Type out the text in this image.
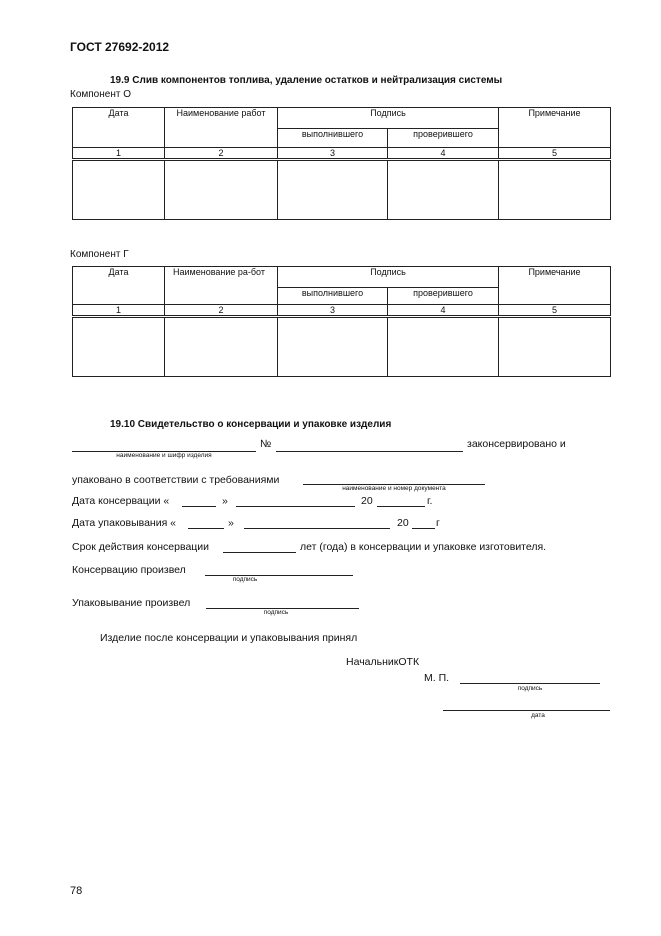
ГОСТ 27692-2012
19.9 Слив компонентов топлива, удаление остатков и нейтрализация системы
Компонент О
Дата	Наименование работ	Подпись		Примечание
		выполнившего	проверившего	
1	2	3	4	5

Компонент Г
Дата	Наименование ра-бот	Подпись		Примечание
		выполнившего	проверившего	
1	2	3	4	5

19.10 Свидетельство о консервации и упаковке изделия
наименование и шифр изделия
№	законсервировано и
упаковано в соответствии с требованиями
наименование и номер документа
Дата консервации «	»	20	г.
Дата упаковывания «	»	20	г
Срок действия консервации	лет (года) в консервации и упаковке изготовителя.
Консервацию произвел
подпись
Упаковывание произвел
подпись
Изделие после консервации и упаковывания принял
НачальникОТК
М. П.
подпись
дата
78
